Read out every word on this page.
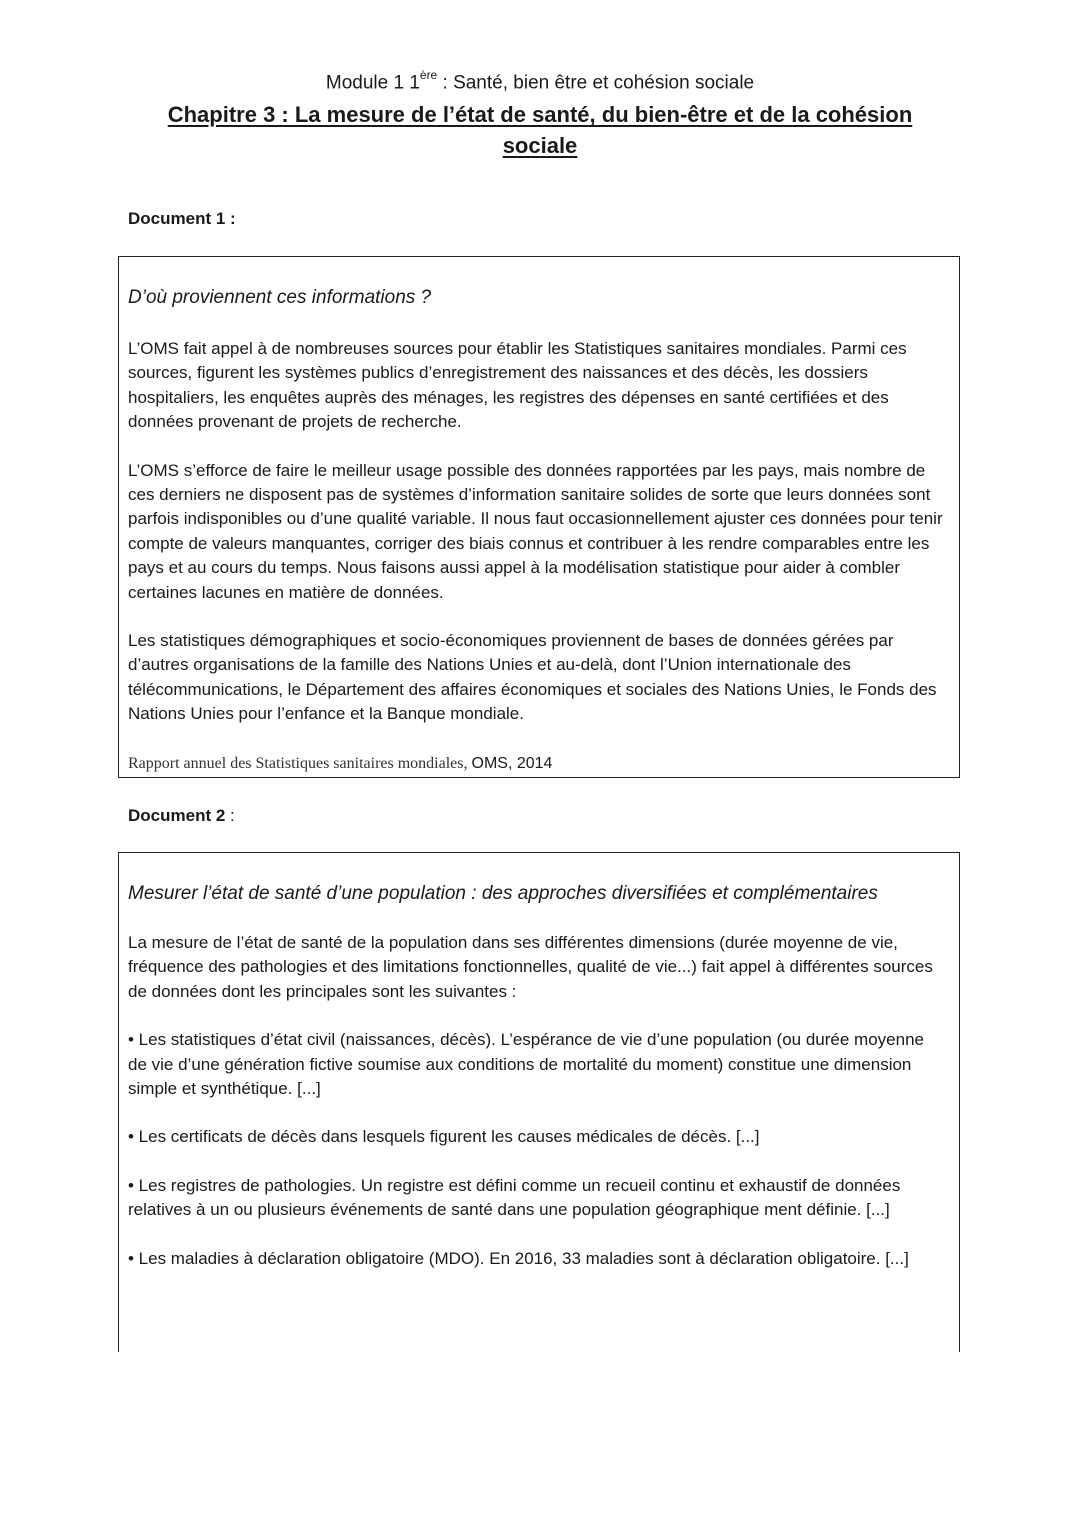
Module 1 1ère : Santé, bien être et cohésion sociale
Chapitre 3 : La mesure de l’état de santé, du bien-être et de la cohésion sociale
Document 1 :
D’où proviennent ces informations ?

L’OMS fait appel à de nombreuses sources pour établir les Statistiques sanitaires mondiales. Parmi ces sources, figurent les systèmes publics d’enregistrement des naissances et des décès, les dossiers hospitaliers, les enquêtes auprès des ménages, les registres des dépenses en santé certifiées et des données provenant de projets de recherche.

L’OMS s’efforce de faire le meilleur usage possible des données rapportées par les pays, mais nombre de ces derniers ne disposent pas de systèmes d’information sanitaire solides de sorte que leurs données sont parfois indisponibles ou d’une qualité variable. Il nous faut occasionnellement ajuster ces données pour tenir compte de valeurs manquantes, corriger des biais connus et contribuer à les rendre comparables entre les pays et au cours du temps. Nous faisons aussi appel à la modélisation statistique pour aider à combler certaines lacunes en matière de données.

Les statistiques démographiques et socio-économiques proviennent de bases de données gérées par d’autres organisations de la famille des Nations Unies et au-delà, dont l’Union internationale des télécommunications, le Département des affaires économiques et sociales des Nations Unies, le Fonds des Nations Unies pour l’enfance et la Banque mondiale.

Rapport annuel des Statistiques sanitaires mondiales, OMS, 2014
Document 2 :
Mesurer l’état de santé d’une population : des approches diversifiées et complémentaires

La mesure de l’état de santé de la population dans ses différentes dimensions (durée moyenne de vie, fréquence des pathologies et des limitations fonctionnelles, qualité de vie...) fait appel à différentes sources de données dont les principales sont les suivantes :

• Les statistiques d’état civil (naissances, décès). L’espérance de vie d’une population (ou durée moyenne de vie d’une génération fictive soumise aux conditions de mortalité du moment) constitue une dimension simple et synthétique. [...]

• Les certificats de décès dans lesquels figurent les causes médicales de décès. [...]

• Les registres de pathologies. Un registre est défini comme un recueil continu et exhaustif de données relatives à un ou plusieurs événements de santé dans une population géographique ment définie. [...]

• Les maladies à déclaration obligatoire (MDO). En 2016, 33 maladies sont à déclaration obligatoire. [...]
